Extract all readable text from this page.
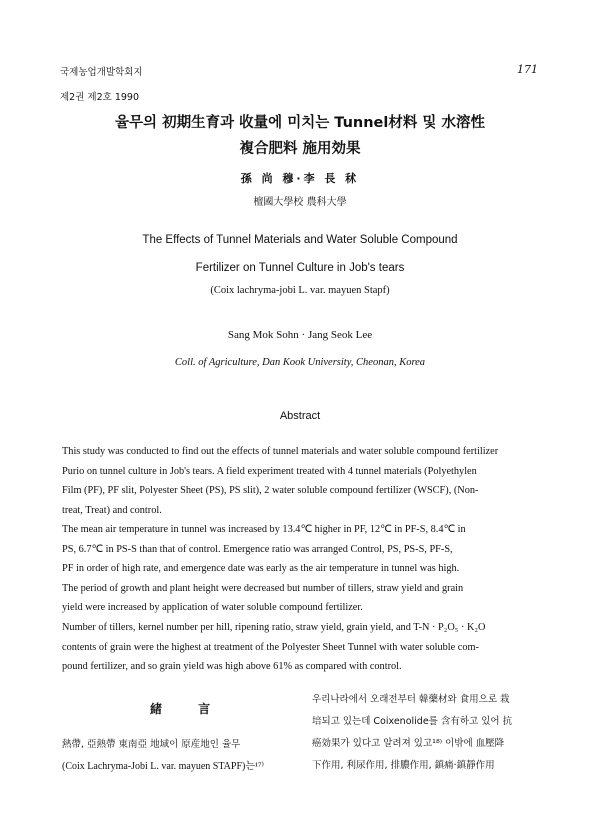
국제농업개발학회지
제2권 제2호 1990
171
율무의 初期生育과 收量에 미치는 Tunnel材料 및 水溶性
複合肥料 施用効果
孫 尚 穆·李 長 秫
檀國大學校 農科大學
The Effects of Tunnel Materials and Water Soluble Compound
Fertilizer on Tunnel Culture in Job's tears
(Coix lachryma-jobi L. var. mayuen Stapf)
Sang Mok Sohn · Jang Seok Lee
Coll. of Agriculture, Dan Kook University, Cheonan, Korea
Abstract
This study was conducted to find out the effects of tunnel materials and water soluble compound fertilizer
Purio on tunnel culture in Job's tears. A field experiment treated with 4 tunnel materials (Polyethylen
Film (PF), PF slit, Polyester Sheet (PS), PS slit), 2 water soluble compound fertilizer (WSCF), (Non-
treat, Treat) and control.
The mean air temperature in tunnel was increased by 13.4℃ higher in PF, 12℃ in PF-S, 8.4℃ in
PS, 6.7℃ in PS-S than that of control. Emergence ratio was arranged Control, PS, PS-S, PF-S,
PF in order of high rate, and emergence date was early as the air temperature in tunnel was high.
The period of growth and plant height were decreased but number of tillers, straw yield and grain
yield were increased by application of water soluble compound fertilizer.
Number of tillers, kernel number per hill, ripening ratio, straw yield, grain yield, and T-N · P₂O₅ · K₂O
contents of grain were the highest at treatment of the Polyester Sheet Tunnel with water soluble com-
pound fertilizer, and so grain yield was high above 61% as compared with control.
緒 言
熱帶, 亞熱帶 東南亞 地域이 原産地인 율무
(Coix Lachryma-Jobi L. var. mayuen STAPF)는¹⁷⁾
우리나라에서 오래전부터 韓藥材와 食用으로 栽
培되고 있는데 Coixenolide를 含有하고 있어 抗
癌効果가 있다고 알려져 있고¹⁸⁾ 이밖에 血壓降
下作用, 利尿作用, 排膿作用, 鎮痛·鎮靜作用
